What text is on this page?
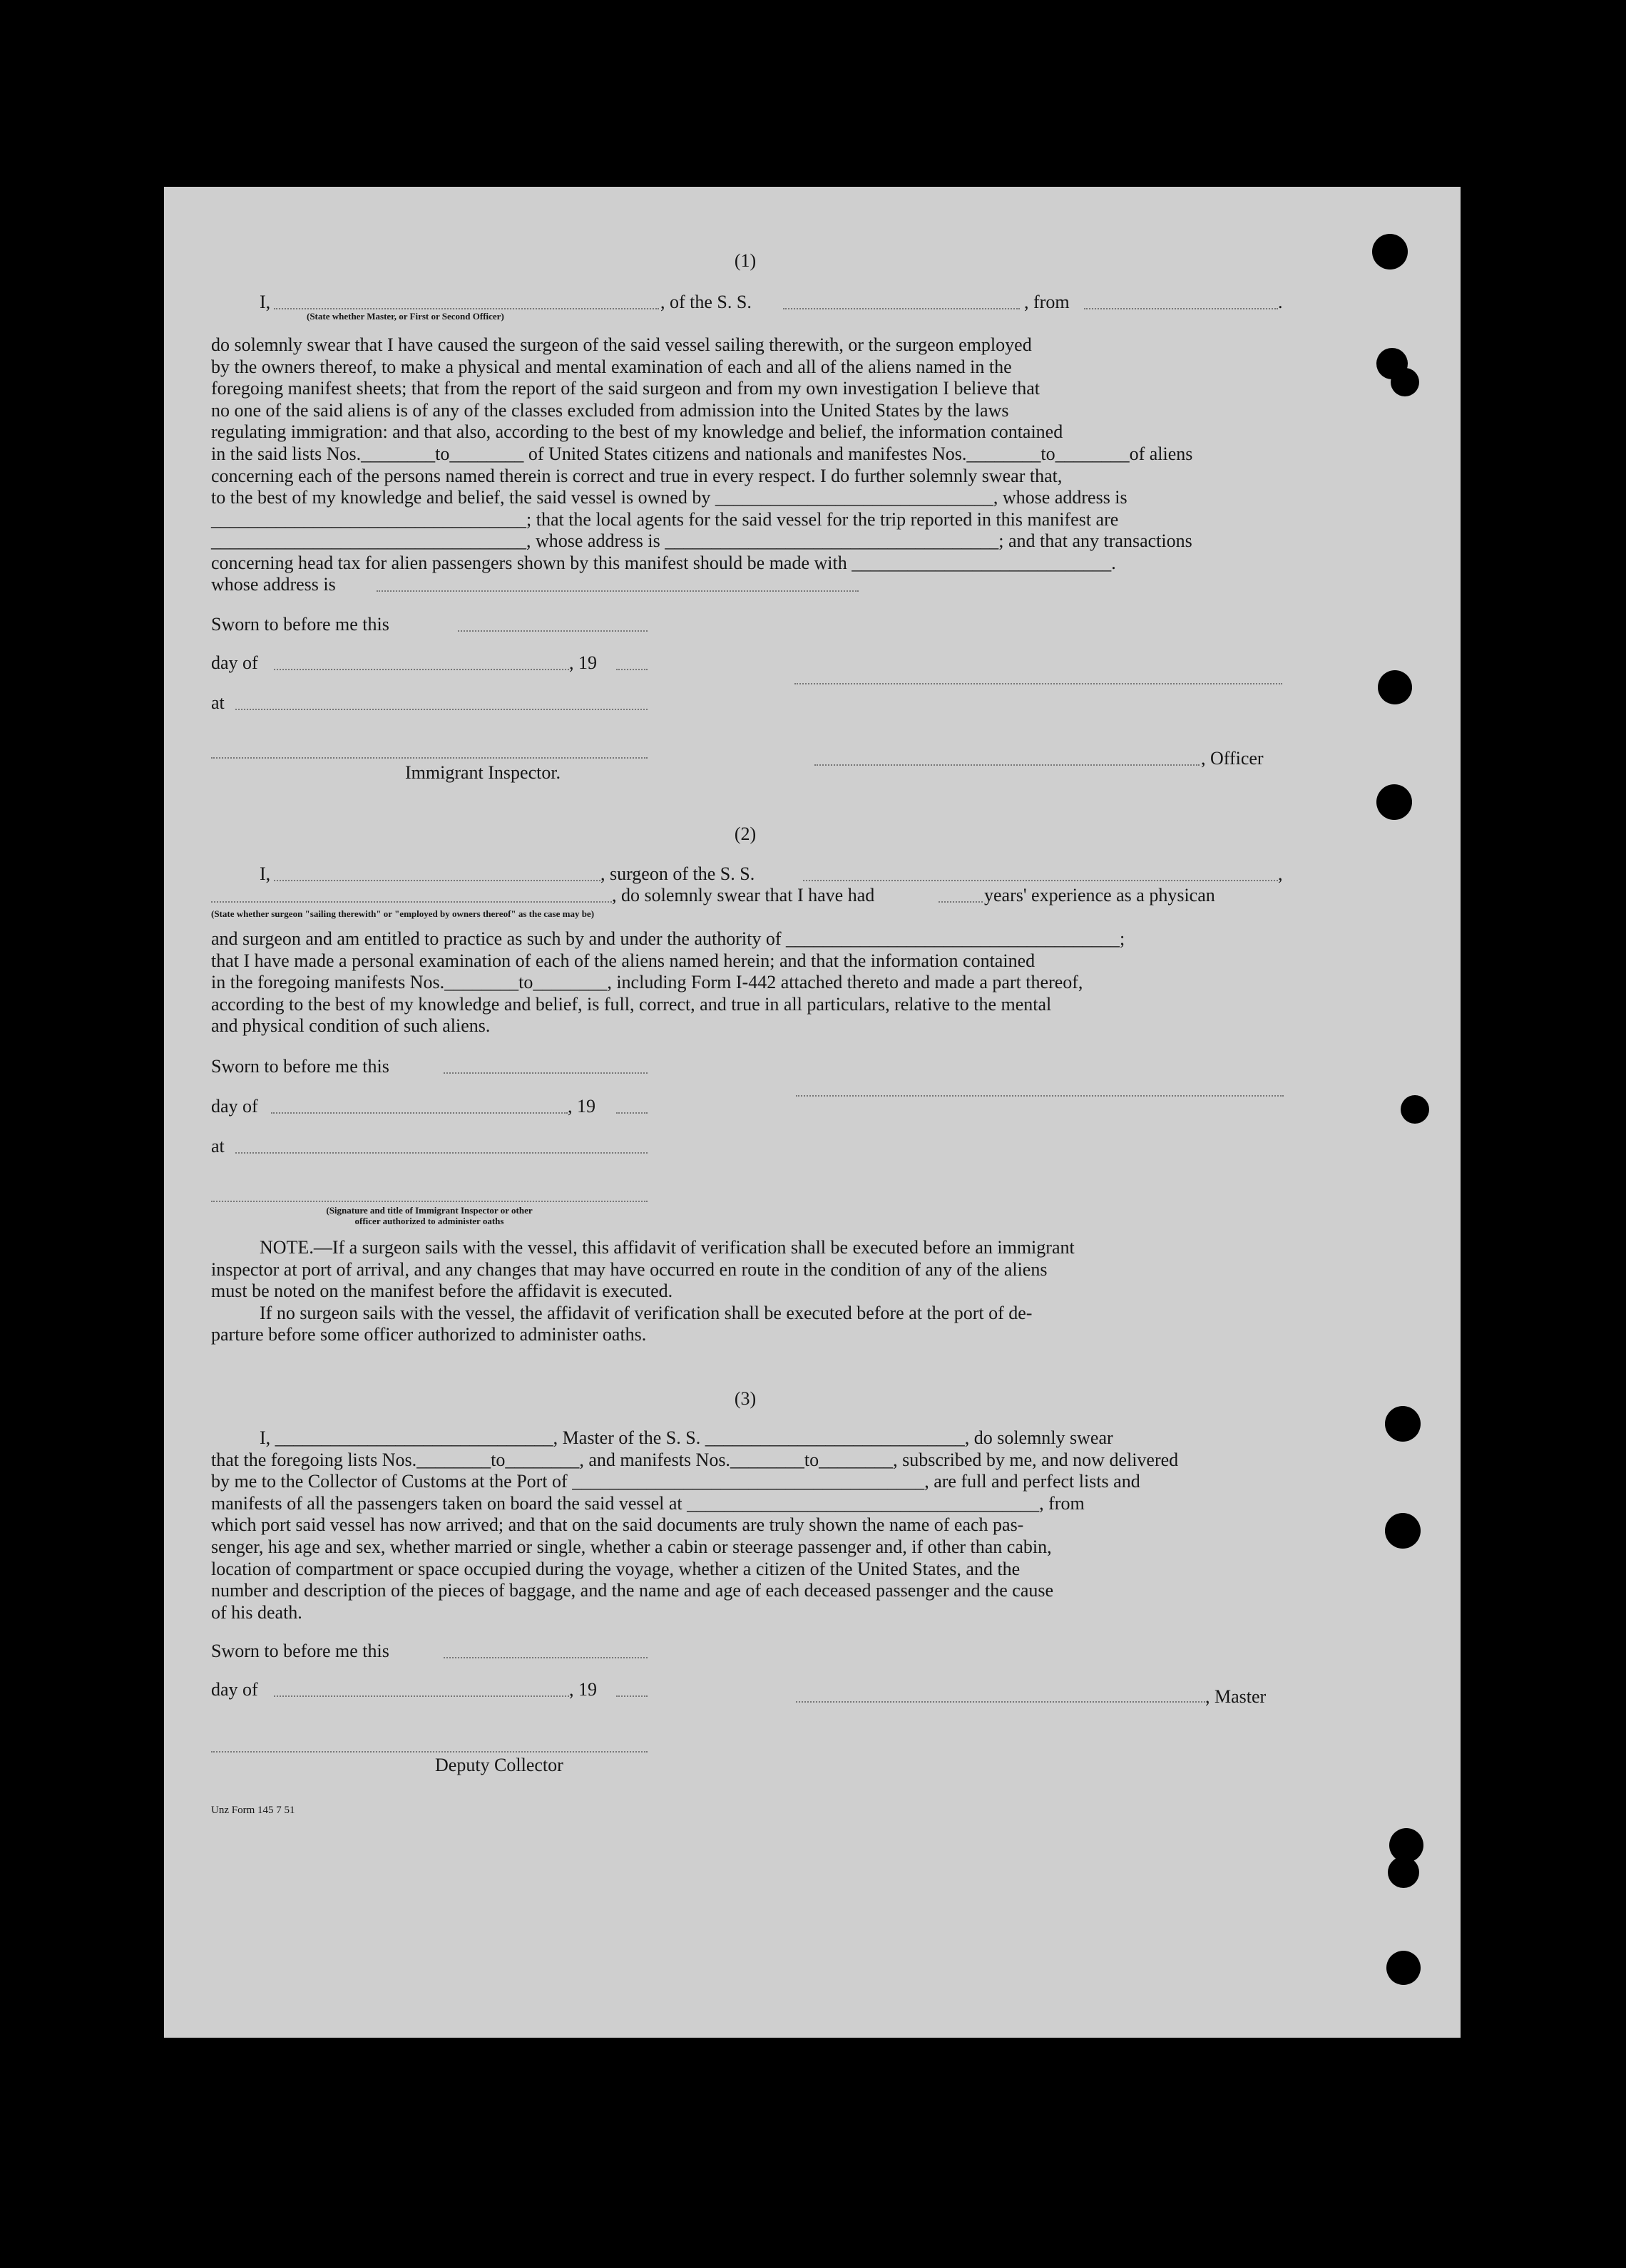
(1)
I,	, of the S. S.	, from	.
(State whether Master, or First or Second Officer)

do solemnly swear that I have caused the surgeon of the said vessel sailing therewith, or the surgeon employed

by the owners thereof, to make a physical and mental examination of each and all of the aliens named in the

foregoing manifest sheets; that from the report of the said surgeon and from my own investigation I believe that

no one of the said aliens is of any of the classes excluded from admission into the United States by the laws

regulating immigration: and that also, according to the best of my knowledge and belief, the information contained

in the said lists Nos.________to________ of United States citizens and nationals and manifestes Nos.________to________of aliens

concerning each of the persons named therein is correct and true in every respect. I do further solemnly swear that,

to the best of my knowledge and belief, the said vessel is owned by ______________________________, whose address is

__________________________________; that the local agents for the said vessel for the trip reported in this manifest are

__________________________________, whose address is ____________________________________; and that any transactions

concerning head tax for alien passengers shown by this manifest should be made with ____________________________.

whose address is
Sworn to before me this
day of	, 19
at
Immigrant Inspector.
, Officer
(2)
I,	, surgeon of the S. S.	,
, do solemnly swear that I have had	years' experience as a physican
(State whether surgeon "sailing therewith" or "employed by owners thereof" as the case may be)

and surgeon and am entitled to practice as such by and under the authority of ____________________________________;

that I have made a personal examination of each of the aliens named herein; and that the information contained

in the foregoing manifests Nos.________to________, including Form I-442 attached thereto and made a part thereof,

according to the best of my knowledge and belief, is full, correct, and true in all particulars, relative to the mental

and physical condition of such aliens.

Sworn to before me this
day of	, 19
at
(Signature and title of Immigrant Inspector or other
officer authorized to administer oaths

NOTE.—If a surgeon sails with the vessel, this affidavit of verification shall be executed before an immigrant

inspector at port of arrival, and any changes that may have occurred en route in the condition of any of the aliens

must be noted on the manifest before the affidavit is executed.

If no surgeon sails with the vessel, the affidavit of verification shall be executed before at the port of de-

parture before some officer authorized to administer oaths.

(3)

I, ______________________________, Master of the S. S. ____________________________, do solemnly swear

that the foregoing lists Nos.________to________, and manifests Nos.________to________, subscribed by me, and now delivered

by me to the Collector of Customs at the Port of ______________________________________, are full and perfect lists and

manifests of all the passengers taken on board the said vessel at ______________________________________, from

which port said vessel has now arrived; and that on the said documents are truly shown the name of each pas-

senger, his age and sex, whether married or single, whether a cabin or steerage passenger and, if other than cabin,

location of compartment or space occupied during the voyage, whether a citizen of the United States, and the

number and description of the pieces of baggage, and the name and age of each deceased passenger and the cause

of his death.

Sworn to before me this
day of	, 19	, Master
Deputy Collector
Unz Form 145 7 51
